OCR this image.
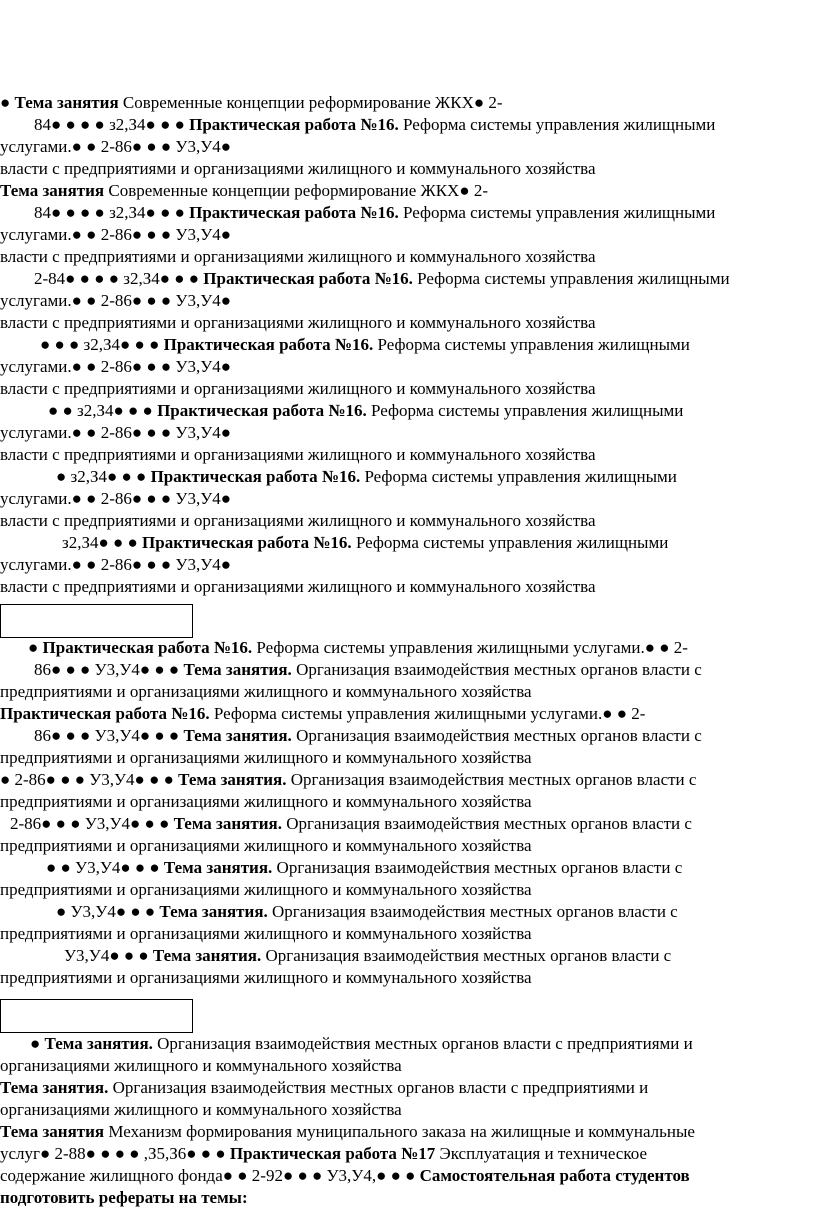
● Тема занятия Современные концепции реформирование ЖКХ● 2-
84● ● ● ● з2,З4● ● ● Практическая работа №16. Реформа системы управления жилищными
услугами.● ● 2-86● ● ● У3,У4●
власти с предприятиями и организациями жилищного и коммунального хозяйства
Тема занятия Современные концепции реформирование ЖКХ● 2-
84● ● ● ● з2,З4● ● ● Практическая работа №16. Реформа системы управления жилищными
услугами.● ● 2-86● ● ● У3,У4●
власти с предприятиями и организациями жилищного и коммунального хозяйства
2-84● ● ● ● з2,З4● ● ● Практическая работа №16. Реформа системы управления жилищными
услугами.● ● 2-86● ● ● У3,У4●
власти с предприятиями и организациями жилищного и коммунального хозяйства
● ● ● з2,З4● ● ● Практическая работа №16. Реформа системы управления жилищными
услугами.● ● 2-86● ● ● У3,У4●
власти с предприятиями и организациями жилищного и коммунального хозяйства
● ● з2,З4● ● ● Практическая работа №16. Реформа системы управления жилищными
услугами.● ● 2-86● ● ● У3,У4●
власти с предприятиями и организациями жилищного и коммунального хозяйства
● з2,З4● ● ● Практическая работа №16. Реформа системы управления жилищными
услугами.● ● 2-86● ● ● У3,У4●
власти с предприятиями и организациями жилищного и коммунального хозяйства
з2,З4● ● ● Практическая работа №16. Реформа системы управления жилищными
услугами.● ● 2-86● ● ● У3,У4●
власти с предприятиями и организациями жилищного и коммунального хозяйства
● Практическая работа №16. Реформа системы управления жилищными услугами.● ● 2-
86● ● ● У3,У4● ● ● Тема занятия. Организация взаимодействия местных органов власти с
предприятиями и организациями жилищного и коммунального хозяйства
Практическая работа №16. Реформа системы управления жилищными услугами.● ● 2-
86● ● ● У3,У4● ● ● Тема занятия. Организация взаимодействия местных органов власти с
предприятиями и организациями жилищного и коммунального хозяйства
● 2-86● ● ● У3,У4● ● ● Тема занятия. Организация взаимодействия местных органов власти с
предприятиями и организациями жилищного и коммунального хозяйства
2-86● ● ● У3,У4● ● ● Тема занятия. Организация взаимодействия местных органов власти с
предприятиями и организациями жилищного и коммунального хозяйства
● ● У3,У4● ● ● Тема занятия. Организация взаимодействия местных органов власти с
предприятиями и организациями жилищного и коммунального хозяйства
● У3,У4● ● ● Тема занятия. Организация взаимодействия местных органов власти с
предприятиями и организациями жилищного и коммунального хозяйства
У3,У4● ● ● Тема занятия. Организация взаимодействия местных органов власти с
предприятиями и организациями жилищного и коммунального хозяйства
● Тема занятия. Организация взаимодействия местных органов власти с предприятиями и
организациями жилищного и коммунального хозяйства
Тема занятия. Организация взаимодействия местных органов власти с предприятиями и
организациями жилищного и коммунального хозяйства
Тема занятия Механизм формирования муниципального заказа на жилищные и коммунальные
услуг● 2-88● ● ● ● ,З5,З6● ● ● Практическая работа №17 Эксплуатация и техническое
содержание жилищного фонда● ● 2-92● ● ● У3,У4,● ● ● Самостоятельная работа студентов
подготовить рефераты на темы:
